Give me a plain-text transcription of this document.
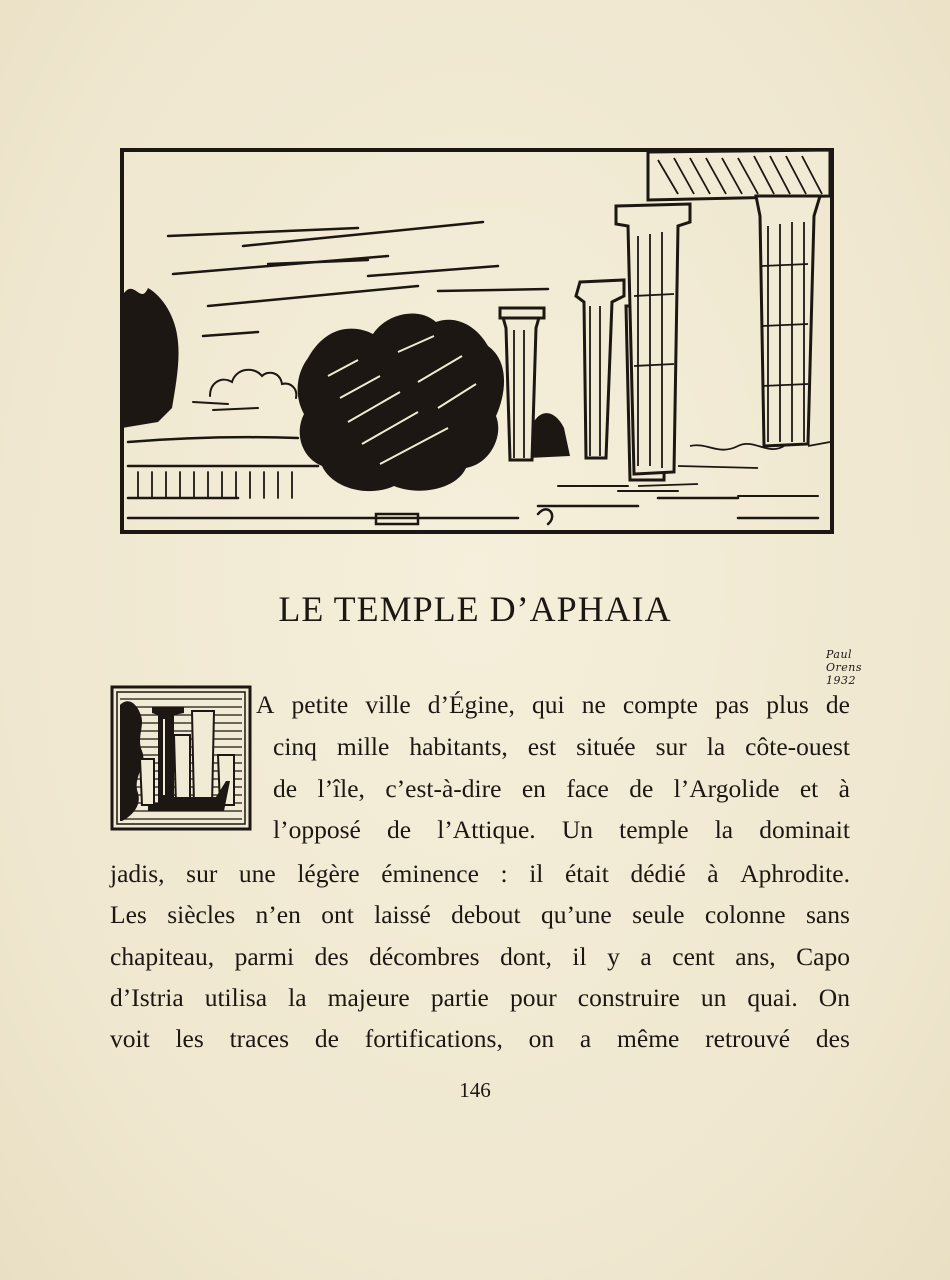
Paul Orens 1932
LE TEMPLE D’APHAIA
A petite ville d’Égine, qui ne compte pas plus de
cinq mille habitants, est située sur la côte-ouest
de l’île, c’est-à-dire en face de l’Argolide et à
l’opposé de l’Attique. Un temple la dominait
jadis, sur une légère éminence : il était dédié à Aphrodite.
Les siècles n’en ont laissé debout qu’une seule colonne sans
chapiteau, parmi des décombres dont, il y a cent ans, Capo
d’Istria utilisa la majeure partie pour construire un quai. On
voit les traces de fortifications, on a même retrouvé des
146
